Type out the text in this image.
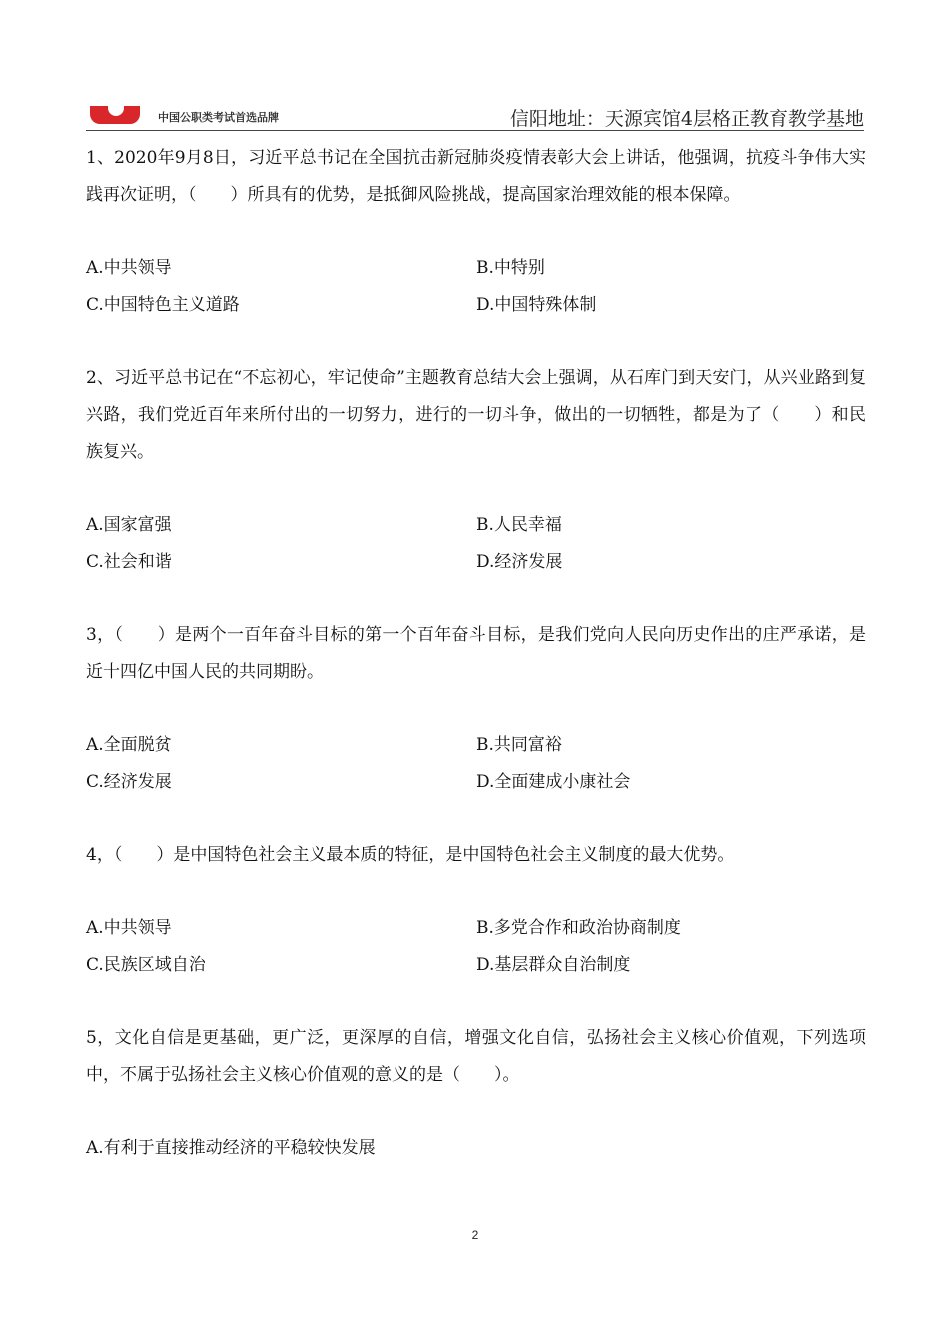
中国公职类考试首选品牌	信阳地址：天源宾馆4层格正教育教学基地

1、2020年9月8日，习近平总书记在全国抗击新冠肺炎疫情表彰大会上讲话，他强调，抗疫斗争伟大实践再次证明，（　　）所具有的优势，是抵御风险挑战，提高国家治理效能的根本保障。

A.中共领导	B.中特别
C.中国特色主义道路	D.中国特殊体制

2、习近平总书记在“不忘初心，牢记使命”主题教育总结大会上强调，从石库门到天安门，从兴业路到复兴路，我们党近百年来所付出的一切努力，进行的一切斗争，做出的一切牺牲，都是为了（　　）和民族复兴。

A.国家富强	B.人民幸福
C.社会和谐	D.经济发展

3，（　　）是两个一百年奋斗目标的第一个百年奋斗目标，是我们党向人民向历史作出的庄严承诺，是近十四亿中国人民的共同期盼。

A.全面脱贫	B.共同富裕
C.经济发展	D.全面建成小康社会

4，（　　）是中国特色社会主义最本质的特征，是中国特色社会主义制度的最大优势。

A.中共领导	B.多党合作和政治协商制度
C.民族区域自治	D.基层群众自治制度

5，文化自信是更基础，更广泛，更深厚的自信，增强文化自信，弘扬社会主义核心价值观，下列选项中，不属于弘扬社会主义核心价值观的意义的是（　　）。

A.有利于直接推动经济的平稳较快发展
2
